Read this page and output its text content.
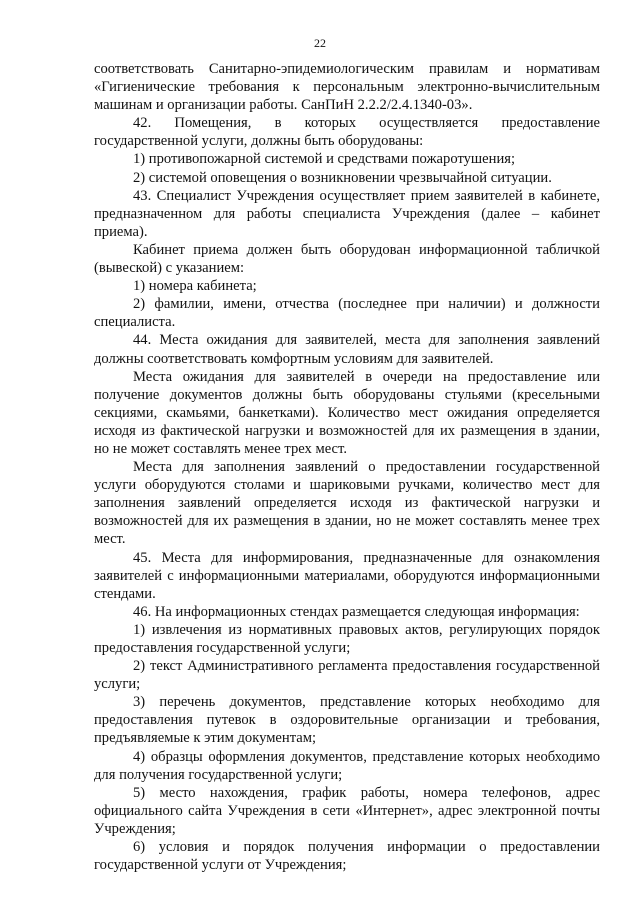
22

соответствовать Санитарно-эпидемиологическим правилам и нормативам «Гигиенические требования к персональным электронно-вычислительным машинам и организации работы. СанПиН 2.2.2/2.4.1340-03».

42. Помещения, в которых осуществляется предоставление государственной услуги, должны быть оборудованы:

1) противопожарной системой и средствами пожаротушения;

2) системой оповещения о возникновении чрезвычайной ситуации.

43. Специалист Учреждения осуществляет прием заявителей в кабинете, предназначенном для работы специалиста Учреждения (далее – кабинет приема).

Кабинет приема должен быть оборудован информационной табличкой (вывеской) с указанием:

1) номера кабинета;

2) фамилии, имени, отчества (последнее при наличии) и должности специалиста.

44. Места ожидания для заявителей, места для заполнения заявлений должны соответствовать комфортным условиям для заявителей.

Места ожидания для заявителей в очереди на предоставление или получение документов должны быть оборудованы стульями (кресельными секциями, скамьями, банкетками). Количество мест ожидания определяется исходя из фактической нагрузки и возможностей для их размещения в здании, но не может составлять менее трех мест.

Места для заполнения заявлений о предоставлении государственной услуги оборудуются столами и шариковыми ручками, количество мест для заполнения заявлений определяется исходя из фактической нагрузки и возможностей для их размещения в здании, но не может составлять менее трех мест.

45. Места для информирования, предназначенные для ознакомления заявителей с информационными материалами, оборудуются информационными стендами.

46. На информационных стендах размещается следующая информация:

1) извлечения из нормативных правовых актов, регулирующих порядок предоставления государственной услуги;

2) текст Административного регламента предоставления государственной услуги;

3) перечень документов, представление которых необходимо для предоставления путевок в оздоровительные организации и требования, предъявляемые к этим документам;

4) образцы оформления документов, представление которых необходимо для получения государственной услуги;

5) место нахождения, график работы, номера телефонов, адрес официального сайта Учреждения в сети «Интернет», адрес электронной почты Учреждения;

6) условия и порядок получения информации о предоставлении государственной услуги от Учреждения;
